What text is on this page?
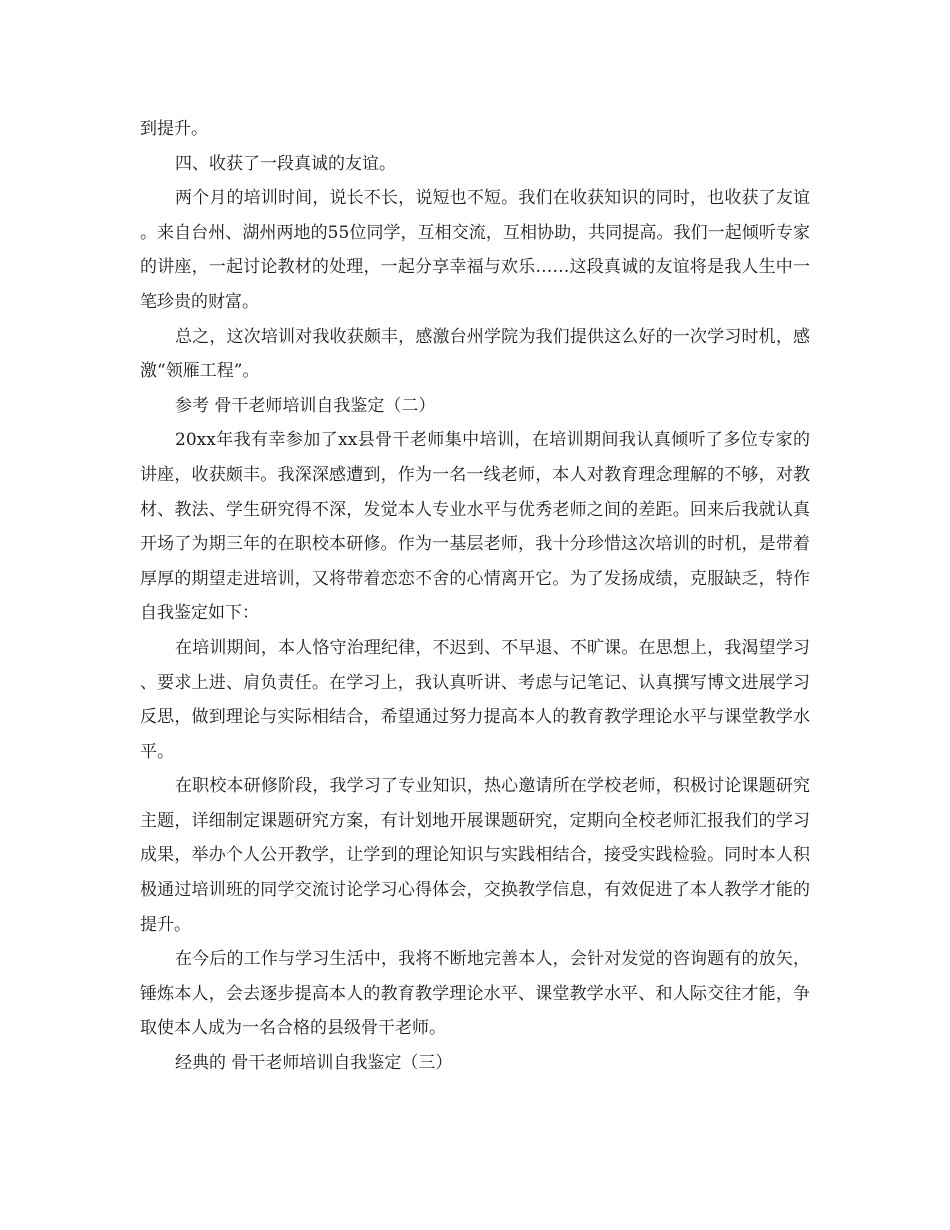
到提升。

四、收获了一段真诚的友谊。

两个月的培训时间，说长不长，说短也不短。我们在收获知识的同时，也收获了友谊。来自台州、湖州两地的55位同学，互相交流，互相协助，共同提高。我们一起倾听专家的讲座，一起讨论教材的处理，一起分享幸福与欢乐……这段真诚的友谊将是我人生中一笔珍贵的财富。

总之，这次培训对我收获颇丰，感激台州学院为我们提供这么好的一次学习时机，感激“领雁工程”。

参考 骨干老师培训自我鉴定（二）

20xx年我有幸参加了xx县骨干老师集中培训，在培训期间我认真倾听了多位专家的讲座，收获颇丰。我深深感遭到，作为一名一线老师，本人对教育理念理解的不够，对教材、教法、学生研究得不深，发觉本人专业水平与优秀老师之间的差距。回来后我就认真开场了为期三年的在职校本研修。作为一基层老师，我十分珍惜这次培训的时机，是带着厚厚的期望走进培训，又将带着恋恋不舍的心情离开它。为了发扬成绩，克服缺乏，特作自我鉴定如下：

在培训期间，本人恪守治理纪律，不迟到、不早退、不旷课。在思想上，我渴望学习、要求上进、肩负责任。在学习上，我认真听讲、考虑与记笔记、认真撰写博文进展学习反思，做到理论与实际相结合，希望通过努力提高本人的教育教学理论水平与课堂教学水平。

在职校本研修阶段，我学习了专业知识，热心邀请所在学校老师，积极讨论课题研究主题，详细制定课题研究方案，有计划地开展课题研究，定期向全校老师汇报我们的学习成果，举办个人公开教学，让学到的理论知识与实践相结合，接受实践检验。同时本人积极通过培训班的同学交流讨论学习心得体会，交换教学信息，有效促进了本人教学才能的提升。

在今后的工作与学习生活中，我将不断地完善本人，会针对发觉的咨询题有的放矢，锤炼本人，会去逐步提高本人的教育教学理论水平、课堂教学水平、和人际交往才能，争取使本人成为一名合格的县级骨干老师。

经典的 骨干老师培训自我鉴定（三）
